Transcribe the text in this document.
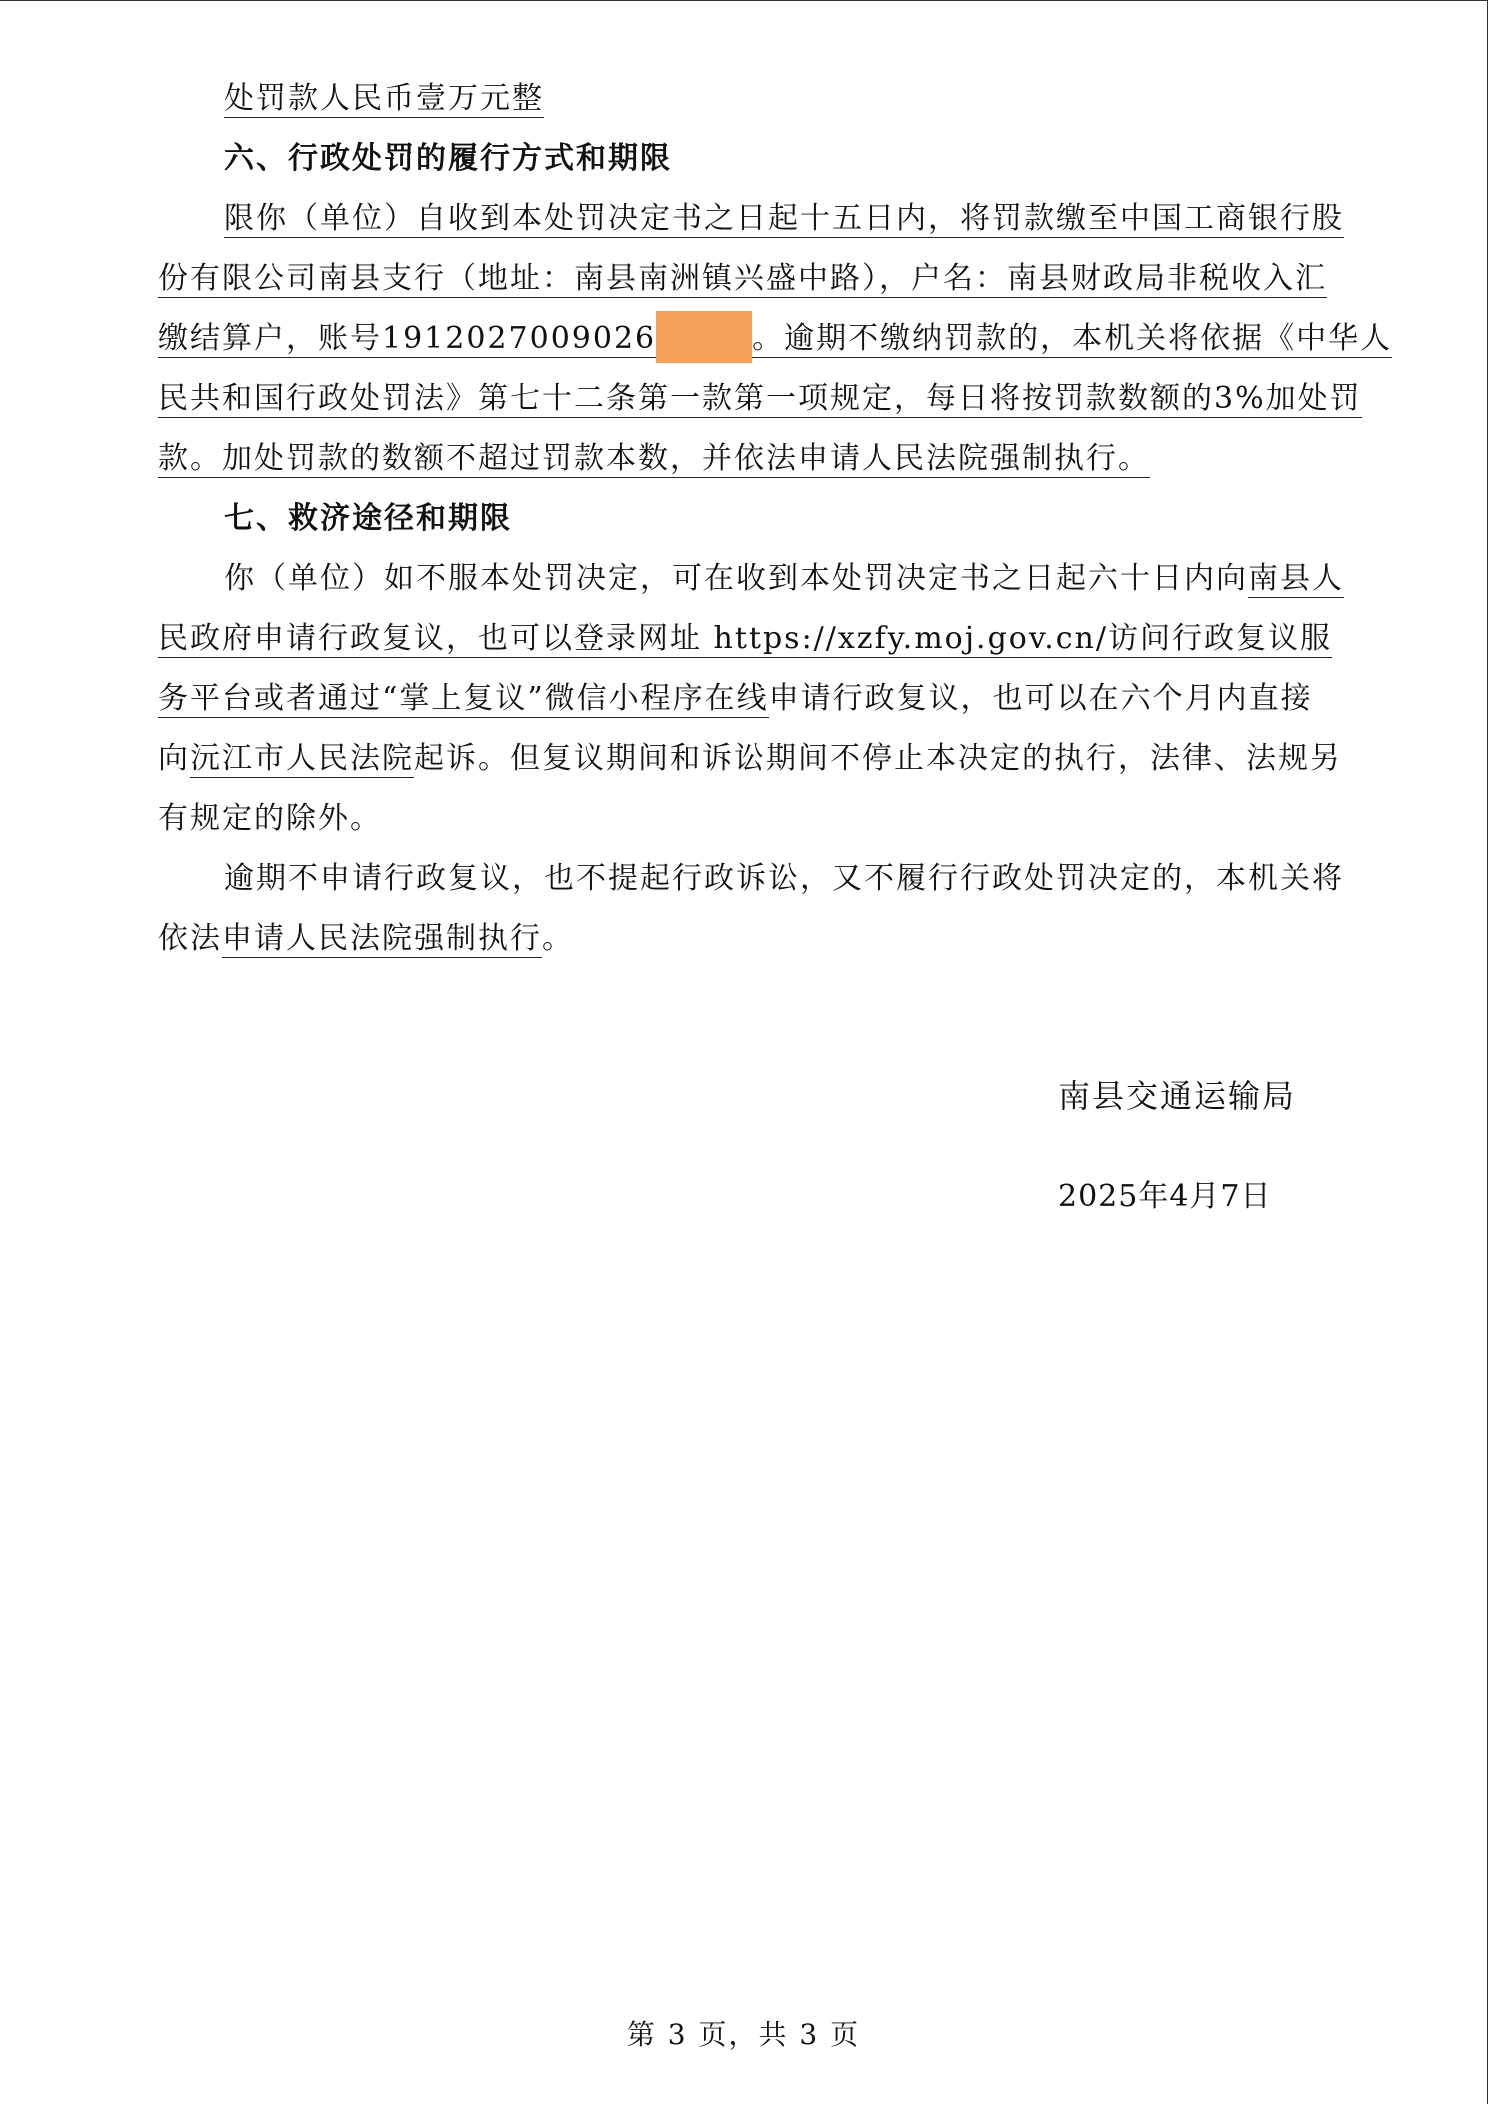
处罚款人民币壹万元整
六、行政处罚的履行方式和期限
限你（单位）自收到本处罚决定书之日起十五日内，将罚款缴至中国工商银行股
份有限公司南县支行（地址：南县南洲镇兴盛中路），户名：南县财政局非税收入汇
缴结算户，账号1912027009026	。逾期不缴纳罚款的，本机关将依据《中华人
民共和国行政处罚法》第七十二条第一款第一项规定，每日将按罚款数额的3%加处罚
款。加处罚款的数额不超过罚款本数，并依法申请人民法院强制执行。
七、救济途径和期限
你（单位）如不服本处罚决定，可在收到本处罚决定书之日起六十日内向南县人
民政府申请行政复议，也可以登录网址 https://xzfy.moj.gov.cn/访问行政复议服
务平台或者通过“掌上复议”微信小程序在线申请行政复议，也可以在六个月内直接
向沅江市人民法院起诉。但复议期间和诉讼期间不停止本决定的执行，法律、法规另
有规定的除外。
逾期不申请行政复议，也不提起行政诉讼，又不履行行政处罚决定的，本机关将
依法申请人民法院强制执行。
南县交通运输局
2025年4月7日
第 3 页，共 3 页
